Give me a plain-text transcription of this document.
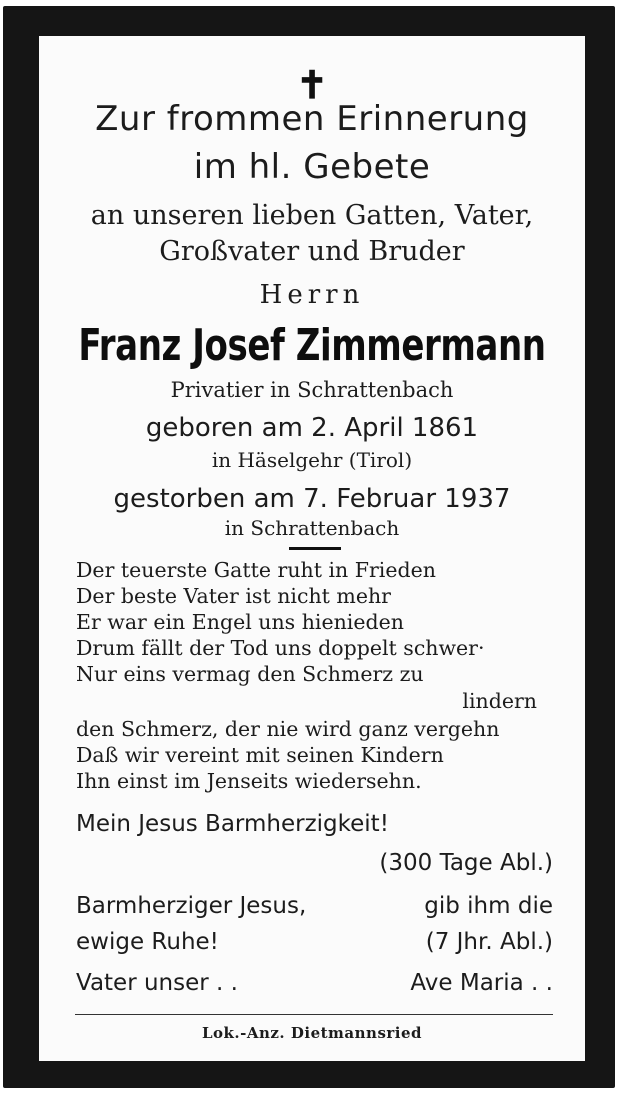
✝
Zur frommen Erinnerung
im hl. Gebete
an unseren lieben Gatten, Vater,
Großvater und Bruder
Herrn
Franz Josef Zimmermann
Privatier in Schrattenbach
geboren am 2. April 1861
in Häselgehr (Tirol)
gestorben am 7. Februar 1937
in Schrattenbach
Der teuerste Gatte ruht in Frieden
Der beste Vater ist nicht mehr
Er war ein Engel uns hienieden
Drum fällt der Tod uns doppelt schwer·
Nur eins vermag den Schmerz zu
lindern
den Schmerz, der nie wird ganz vergehn
Daß wir vereint mit seinen Kindern
Ihn einst im Jenseits wiedersehn.
Mein Jesus Barmherzigkeit!
(300 Tage Abl.)
Barmherziger Jesus,	gib ihm die
ewige Ruhe!	(7 Jhr. Abl.)
Vater unser . .	Ave Maria . .
Lok.-Anz. Dietmannsried
